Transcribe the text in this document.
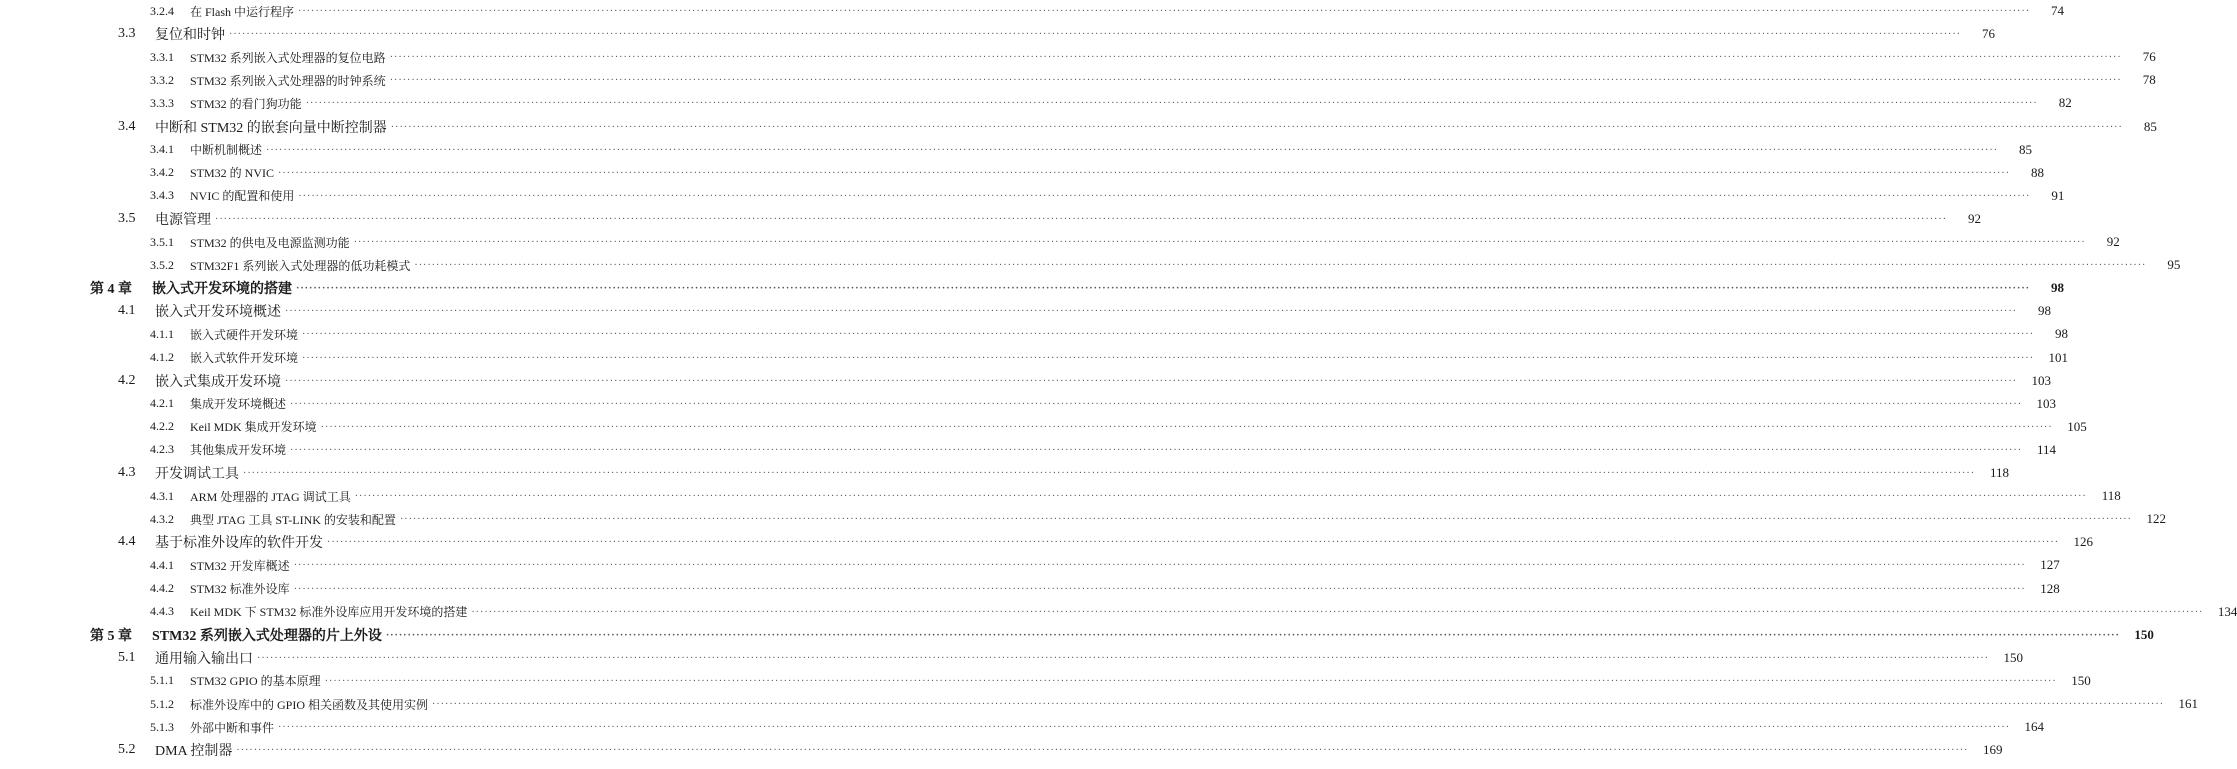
3.2.4	在 Flash 中运行程序 ················································································································································································································································································································································································································	74
3.3	复位和时钟 ················································································································································································································································································································································································································	76
3.3.1	STM32 系列嵌入式处理器的复位电路 ················································································································································································································································································································································································································	76
3.3.2	STM32 系列嵌入式处理器的时钟系统 ················································································································································································································································································································································································································	78
3.3.3	STM32 的看门狗功能 ················································································································································································································································································································································································································	82
3.4	中断和 STM32 的嵌套向量中断控制器 ················································································································································································································································································································································································································	85
3.4.1	中断机制概述 ················································································································································································································································································································································································································	85
3.4.2	STM32 的 NVIC ················································································································································································································································································································································································································	88
3.4.3	NVIC 的配置和使用 ················································································································································································································································································································································································································	91
3.5	电源管理 ················································································································································································································································································································································································································	92
3.5.1	STM32 的供电及电源监测功能 ················································································································································································································································································································································································································	92
3.5.2	STM32F1 系列嵌入式处理器的低功耗模式 ················································································································································································································································································································································································································	95
第 4 章	嵌入式开发环境的搭建 ················································································································································································································································································································································································································	98
4.1	嵌入式开发环境概述 ················································································································································································································································································································································································································	98
4.1.1	嵌入式硬件开发环境 ················································································································································································································································································································································································································	98
4.1.2	嵌入式软件开发环境 ················································································································································································································································································································································································································	101
4.2	嵌入式集成开发环境 ················································································································································································································································································································································································································	103
4.2.1	集成开发环境概述 ················································································································································································································································································································································································································	103
4.2.2	Keil MDK 集成开发环境 ················································································································································································································································································································································································································	105
4.2.3	其他集成开发环境 ················································································································································································································································································································································································································	114
4.3	开发调试工具 ················································································································································································································································································································································································································	118
4.3.1	ARM 处理器的 JTAG 调试工具 ················································································································································································································································································································································································································	118
4.3.2	典型 JTAG 工具 ST-LINK 的安装和配置 ················································································································································································································································································································································································································	122
4.4	基于标准外设库的软件开发 ················································································································································································································································································································································································································	126
4.4.1	STM32 开发库概述 ················································································································································································································································································································································································································	127
4.4.2	STM32 标准外设库 ················································································································································································································································································································································································································	128
4.4.3	Keil MDK 下 STM32 标准外设库应用开发环境的搭建 ················································································································································································································································································································································································································	134
第 5 章	STM32 系列嵌入式处理器的片上外设 ················································································································································································································································································································································································································	150
5.1	通用输入输出口 ················································································································································································································································································································································································································	150
5.1.1	STM32 GPIO 的基本原理 ················································································································································································································································································································································································································	150
5.1.2	标准外设库中的 GPIO 相关函数及其使用实例 ················································································································································································································································································································································································································	161
5.1.3	外部中断和事件 ················································································································································································································································································································································································································	164
5.2	DMA 控制器 ················································································································································································································································································································································································································	169
